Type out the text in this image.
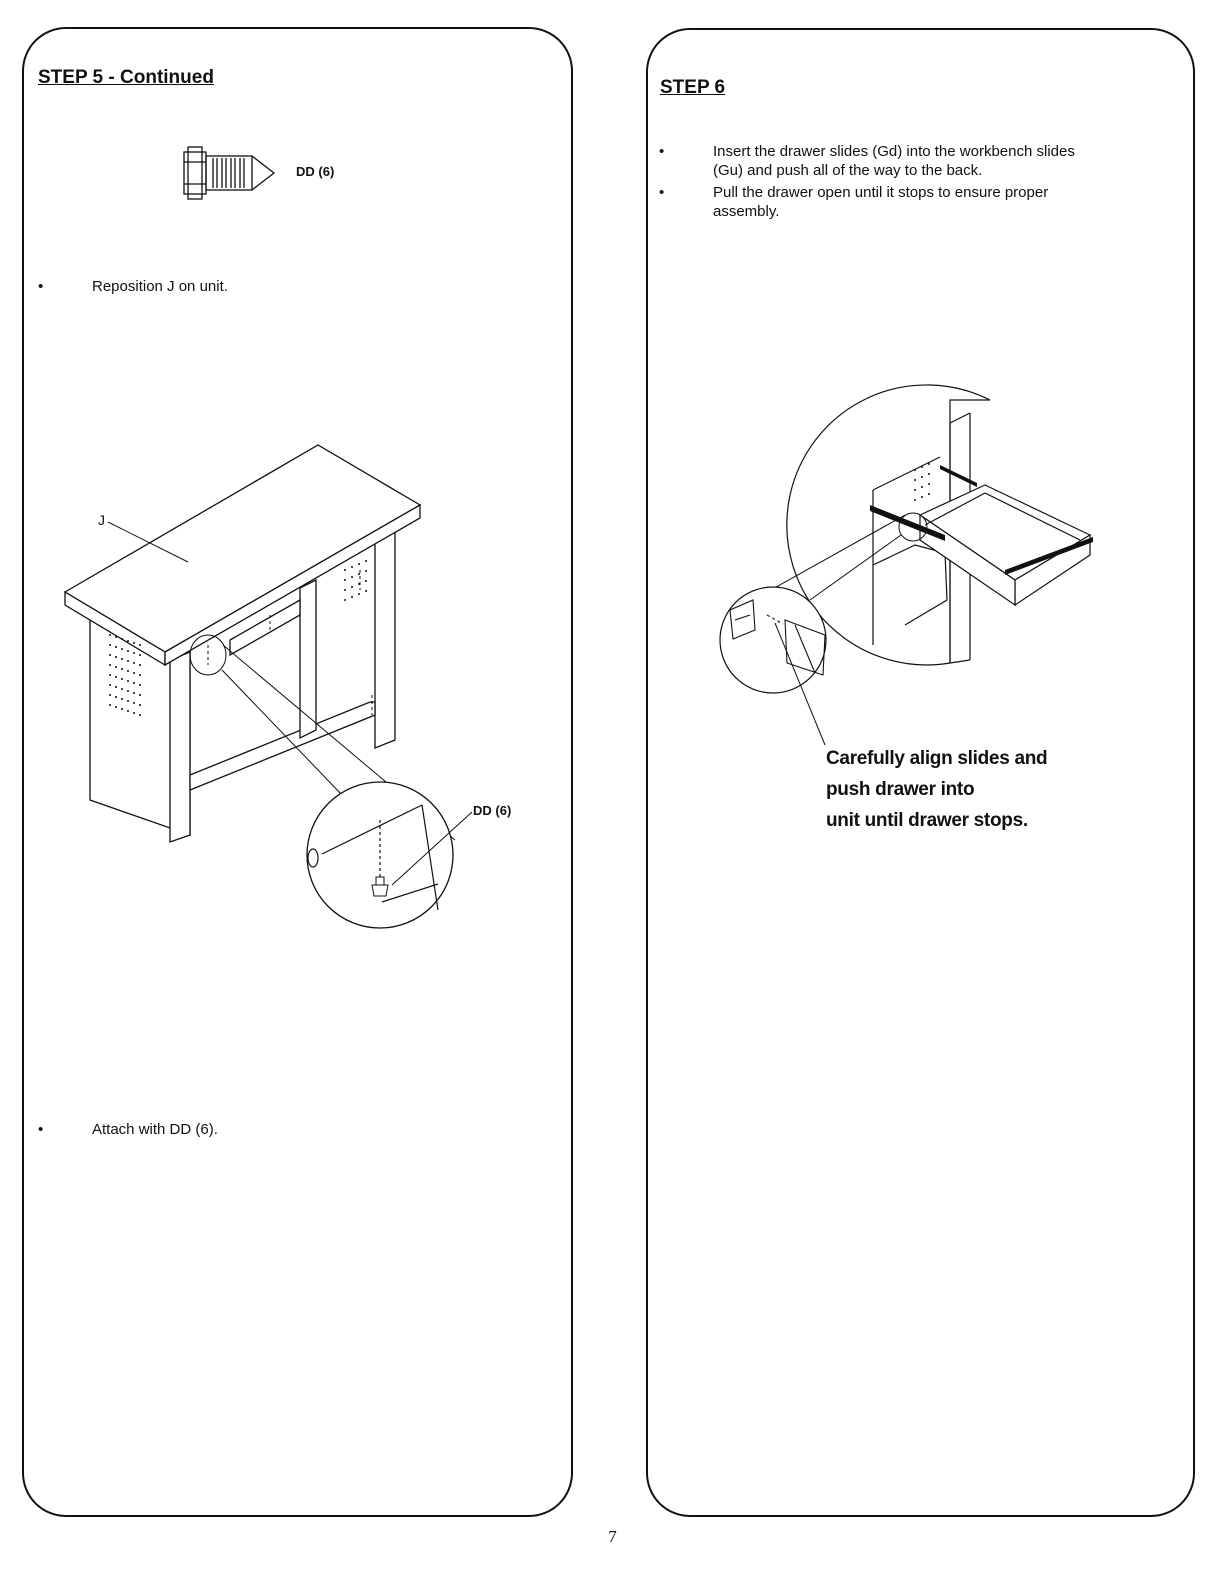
STEP 5 - Continued
DD (6)
•	Reposition J on unit.
J
DD (6)
•	Attach with DD (6).
STEP 6
•	Insert the drawer slides (Gd) into the workbench slides
(Gu) and push all of the way to the back.
•	Pull the drawer open until it stops to ensure proper
assembly.
Carefully align slides and
push drawer into
unit until drawer stops.
7
